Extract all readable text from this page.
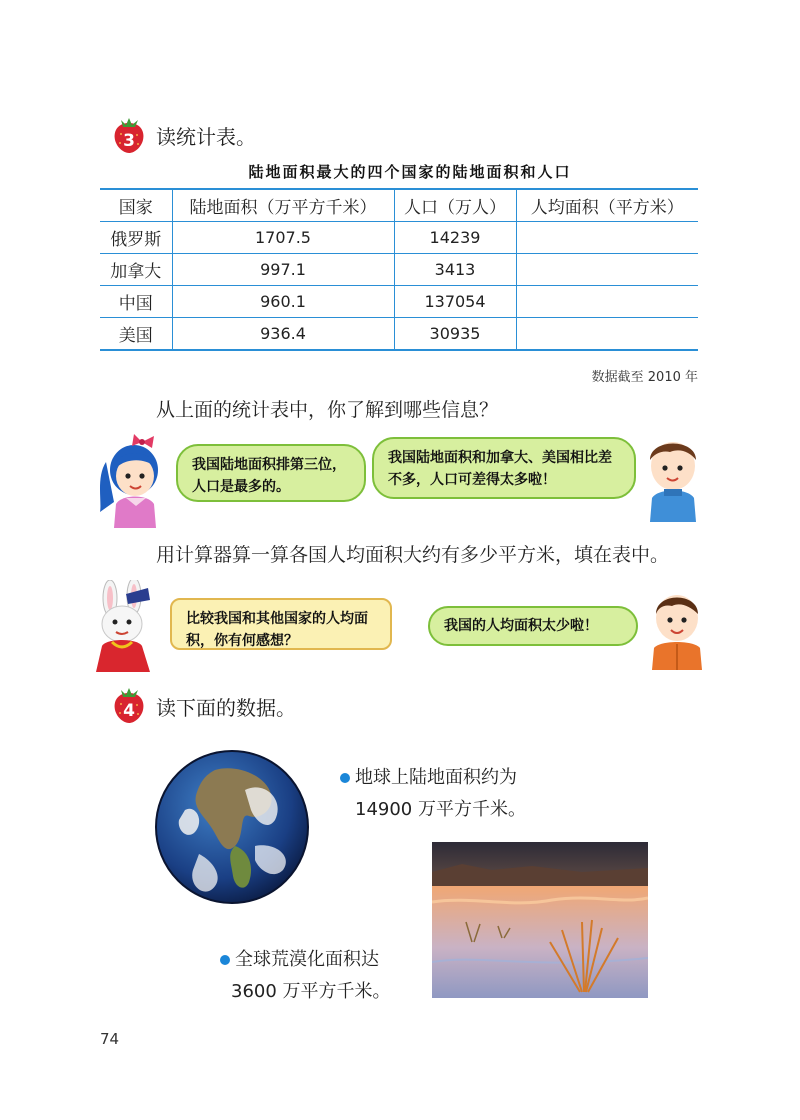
3 读统计表。
陆地面积最大的四个国家的陆地面积和人口
国家	陆地面积（万平方千米）	人口（万人）	人均面积（平方米）
俄罗斯	1707.5	14239	
加拿大	997.1	3413	
中国	960.1	137054	
美国	936.4	30935	
数据截至 2010 年
从上面的统计表中，你了解到哪些信息？
我国陆地面积排第三位，人口是最多的。
我国陆地面积和加拿大、美国相比差不多，人口可差得太多啦！
用计算器算一算各国人均面积大约有多少平方米，填在表中。
比较我国和其他国家的人均面积，你有何感想？
我国的人均面积太少啦！
4 读下面的数据。
地球上陆地面积约为
14900 万平方千米。
全球荒漠化面积达
3600 万平方千米。
74
